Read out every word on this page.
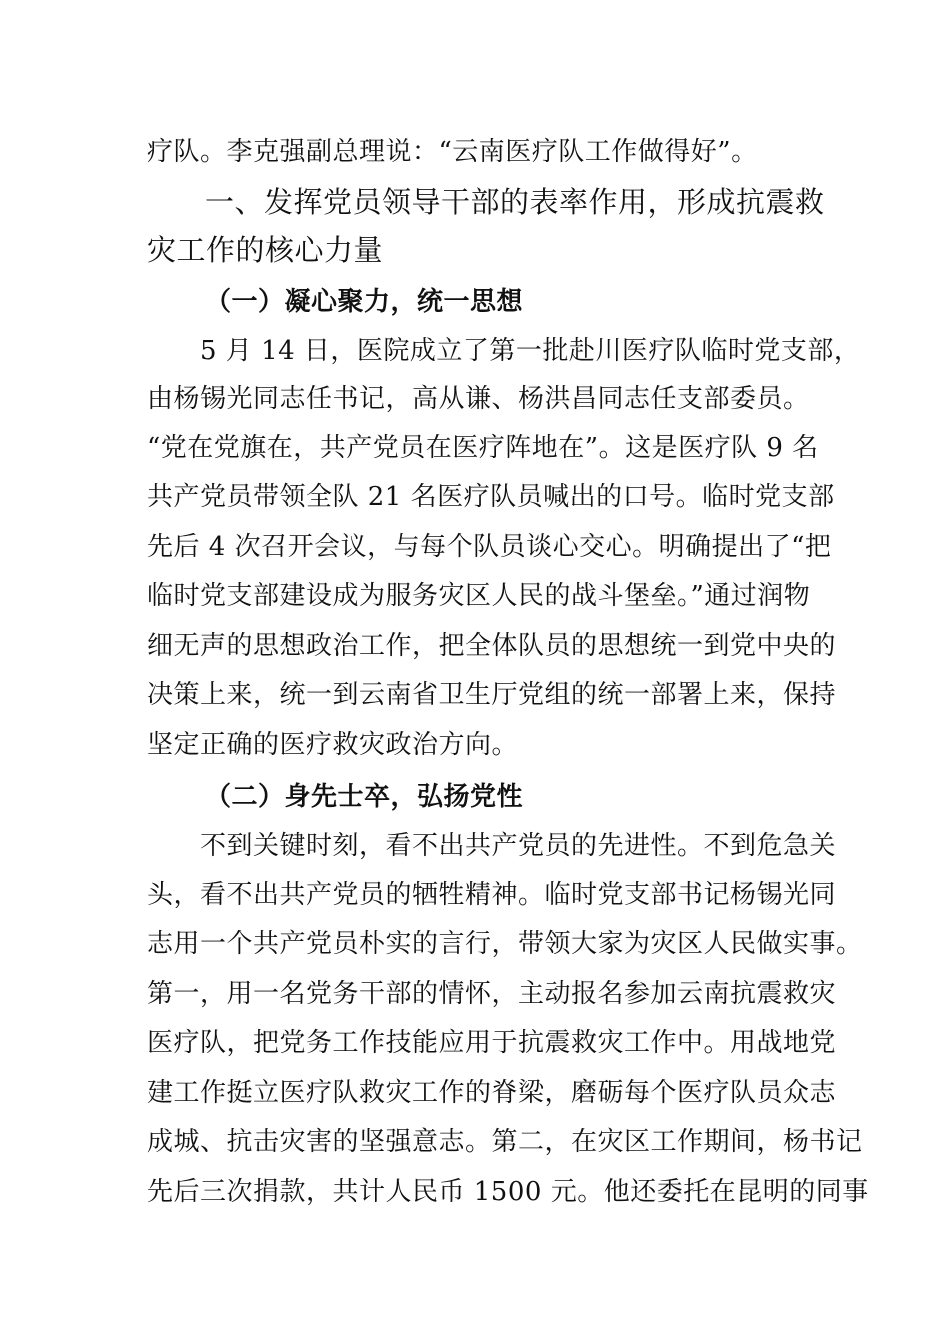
疗队。李克强副总理说：“云南医疗队工作做得好”。
一、发挥党员领导干部的表率作用，形成抗震救
灾工作的核心力量
（一）凝心聚力，统一思想
5 月 14 日，医院成立了第一批赴川医疗队临时党支部，
由杨锡光同志任书记，高从谦、杨洪昌同志任支部委员。
“党在党旗在，共产党员在医疗阵地在”。这是医疗队 9 名
共产党员带领全队 21 名医疗队员喊出的口号。临时党支部
先后 4 次召开会议，与每个队员谈心交心。明确提出了“把
临时党支部建设成为服务灾区人民的战斗堡垒。”通过润物
细无声的思想政治工作，把全体队员的思想统一到党中央的
决策上来，统一到云南省卫生厅党组的统一部署上来，保持
坚定正确的医疗救灾政治方向。
（二）身先士卒，弘扬党性
不到关键时刻，看不出共产党员的先进性。不到危急关
头，看不出共产党员的牺牲精神。临时党支部书记杨锡光同
志用一个共产党员朴实的言行，带领大家为灾区人民做实事。
第一，用一名党务干部的情怀，主动报名参加云南抗震救灾
医疗队，把党务工作技能应用于抗震救灾工作中。用战地党
建工作挺立医疗队救灾工作的脊梁，磨砺每个医疗队员众志
成城、抗击灾害的坚强意志。第二，在灾区工作期间，杨书记
先后三次捐款，共计人民币 1500 元。他还委托在昆明的同事
